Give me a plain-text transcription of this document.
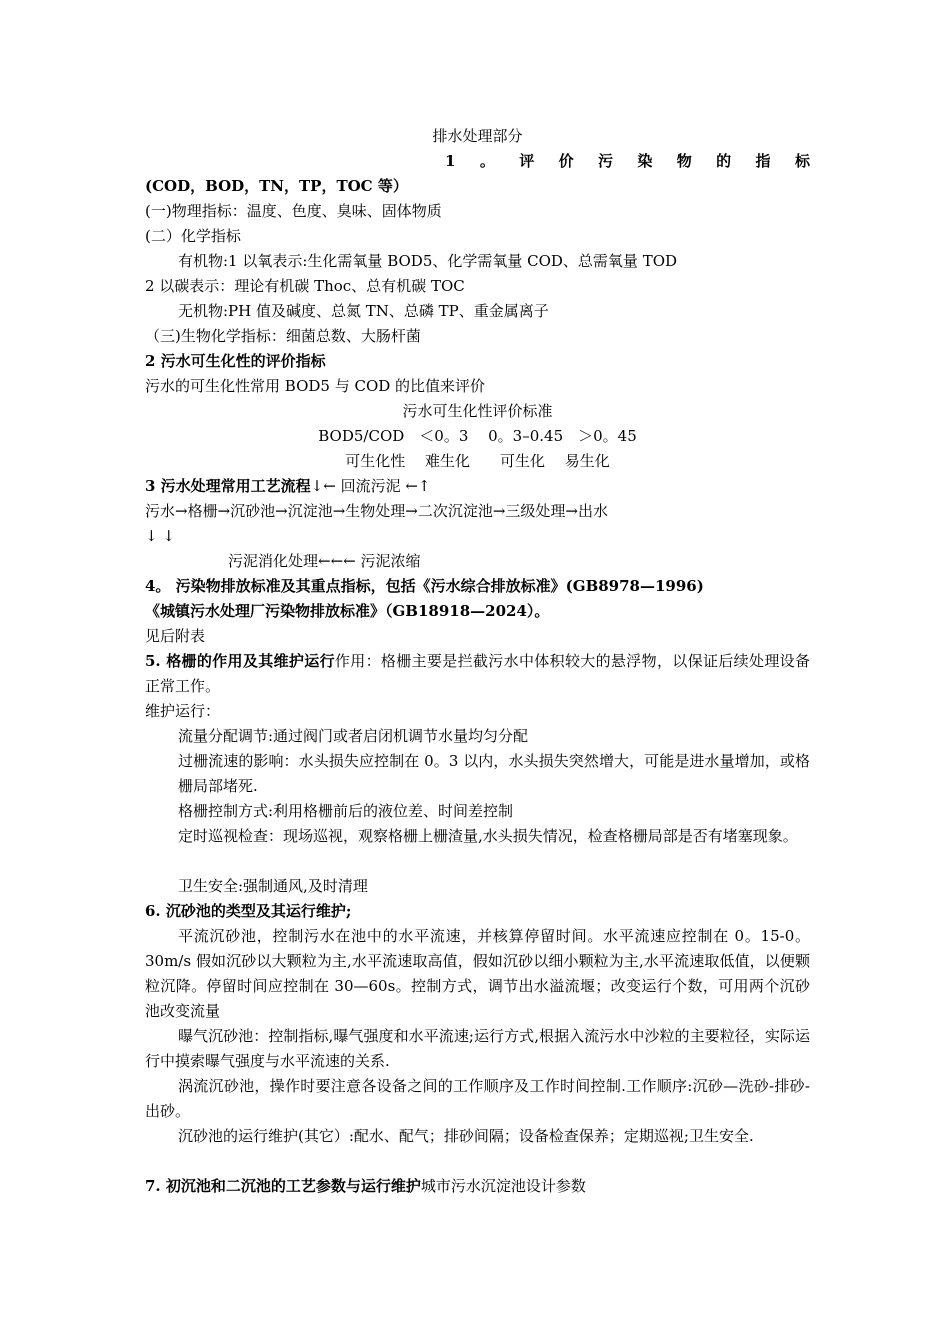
排水处理部分
1 。 评 价 污 染 物 的 指 标
(COD，BOD，TN，TP，TOC 等）
(一)物理指标：温度、色度、臭味、固体物质
(二）化学指标
有机物:1 以氧表示:生化需氧量 BOD5、化学需氧量 COD、总需氧量 TOD
2 以碳表示：理论有机碳 Thoc、总有机碳 TOC
无机物:PH 值及碱度、总氮 TN、总磷 TP、重金属离子
（三)生物化学指标：细菌总数、大肠杆菌
2 污水可生化性的评价指标
污水的可生化性常用 BOD5 与 COD 的比值来评价
污水可生化性评价标准
BOD5/COD　＜0。3　 0。3–0.45　＞0。45
可生化性　 难生化　　可生化　 易生化
3 污水处理常用工艺流程↓← 回流污泥 ←↑
污水→格栅→沉砂池→沉淀池→生物处理→二次沉淀池→三级处理→出水
↓ ↓
污泥消化处理←←← 污泥浓缩
4。 污染物排放标准及其重点指标，包括《污水综合排放标准》(GB8978—1996)
《城镇污水处理厂污染物排放标准》（GB18918—2024）。
见后附表
5. 格栅的作用及其维护运行作用：格栅主要是拦截污水中体积较大的悬浮物，以保证后续处理设备正常工作。
维护运行：
流量分配调节:通过阀门或者启闭机调节水量均匀分配
过栅流速的影响：水头损失应控制在 0。3 以内，水头损失突然增大，可能是进水量增加，或格栅局部堵死.
格栅控制方式:利用格栅前后的液位差、时间差控制
定时巡视检查：现场巡视，观察格栅上栅渣量,水头损失情况，检查格栅局部是否有堵塞现象。
卫生安全:强制通风,及时清理
6. 沉砂池的类型及其运行维护;
平流沉砂池，控制污水在池中的水平流速，并核算停留时间。水平流速应控制在 0。15-0。30m/s 假如沉砂以大颗粒为主,水平流速取高值，假如沉砂以细小颗粒为主,水平流速取低值，以便颗粒沉降。停留时间应控制在 30—60s。控制方式，调节出水溢流堰；改变运行个数，可用两个沉砂池改变流量
曝气沉砂池：控制指标,曝气强度和水平流速;运行方式,根据入流污水中沙粒的主要粒径，实际运行中摸索曝气强度与水平流速的关系.
涡流沉砂池，操作时要注意各设备之间的工作顺序及工作时间控制.工作顺序:沉砂—洗砂-排砂-出砂。
沉砂池的运行维护(其它）:配水、配气；排砂间隔；设备检查保养；定期巡视;卫生安全.
7. 初沉池和二沉池的工艺参数与运行维护城市污水沉淀池设计参数
